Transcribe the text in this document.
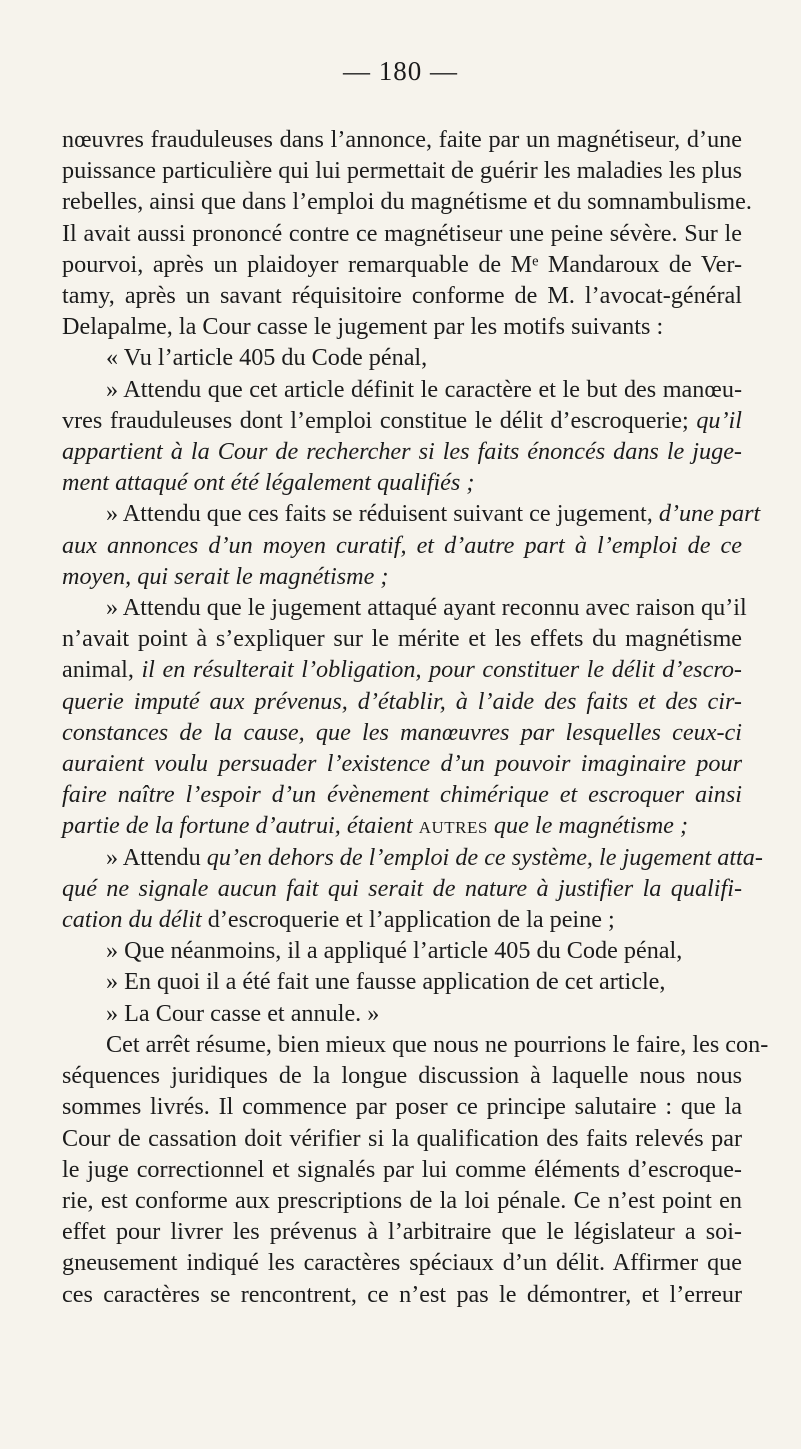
— 180 —
nœuvres frauduleuses dans l’annonce, faite par un magnétiseur, d’une
puissance particulière qui lui permettait de guérir les maladies les plus
rebelles, ainsi que dans l’emploi du magnétisme et du somnambulisme.
Il avait aussi prononcé contre ce magnétiseur une peine sévère. Sur le
pourvoi, après un plaidoyer remarquable de Mᵉ Mandaroux de Ver-
tamy, après un savant réquisitoire conforme de M. l’avocat-général
Delapalme, la Cour casse le jugement par les motifs suivants :
« Vu l’article 405 du Code pénal,
» Attendu que cet article définit le caractère et le but des manœu-
vres frauduleuses dont l’emploi constitue le délit d’escroquerie; qu’il
appartient à la Cour de rechercher si les faits énoncés dans le juge-
ment attaqué ont été légalement qualifiés ;
» Attendu que ces faits se réduisent suivant ce jugement, d’une part
aux annonces d’un moyen curatif, et d’autre part à l’emploi de ce
moyen, qui serait le magnétisme ;
» Attendu que le jugement attaqué ayant reconnu avec raison qu’il
n’avait point à s’expliquer sur le mérite et les effets du magnétisme
animal, il en résulterait l’obligation, pour constituer le délit d’escro-
querie imputé aux prévenus, d’établir, à l’aide des faits et des cir-
constances de la cause, que les manœuvres par lesquelles ceux-ci
auraient voulu persuader l’existence d’un pouvoir imaginaire pour
faire naître l’espoir d’un évènement chimérique et escroquer ainsi
partie de la fortune d’autrui, étaient autres que le magnétisme ;
» Attendu qu’en dehors de l’emploi de ce système, le jugement atta-
qué ne signale aucun fait qui serait de nature à justifier la qualifi-
cation du délit d’escroquerie et l’application de la peine ;
» Que néanmoins, il a appliqué l’article 405 du Code pénal,
» En quoi il a été fait une fausse application de cet article,
» La Cour casse et annule. »
Cet arrêt résume, bien mieux que nous ne pourrions le faire, les con-
séquences juridiques de la longue discussion à laquelle nous nous
sommes livrés. Il commence par poser ce principe salutaire : que la
Cour de cassation doit vérifier si la qualification des faits relevés par
le juge correctionnel et signalés par lui comme éléments d’escroque-
rie, est conforme aux prescriptions de la loi pénale. Ce n’est point en
effet pour livrer les prévenus à l’arbitraire que le législateur a soi-
gneusement indiqué les caractères spéciaux d’un délit. Affirmer que
ces caractères se rencontrent, ce n’est pas le démontrer, et l’erreur
